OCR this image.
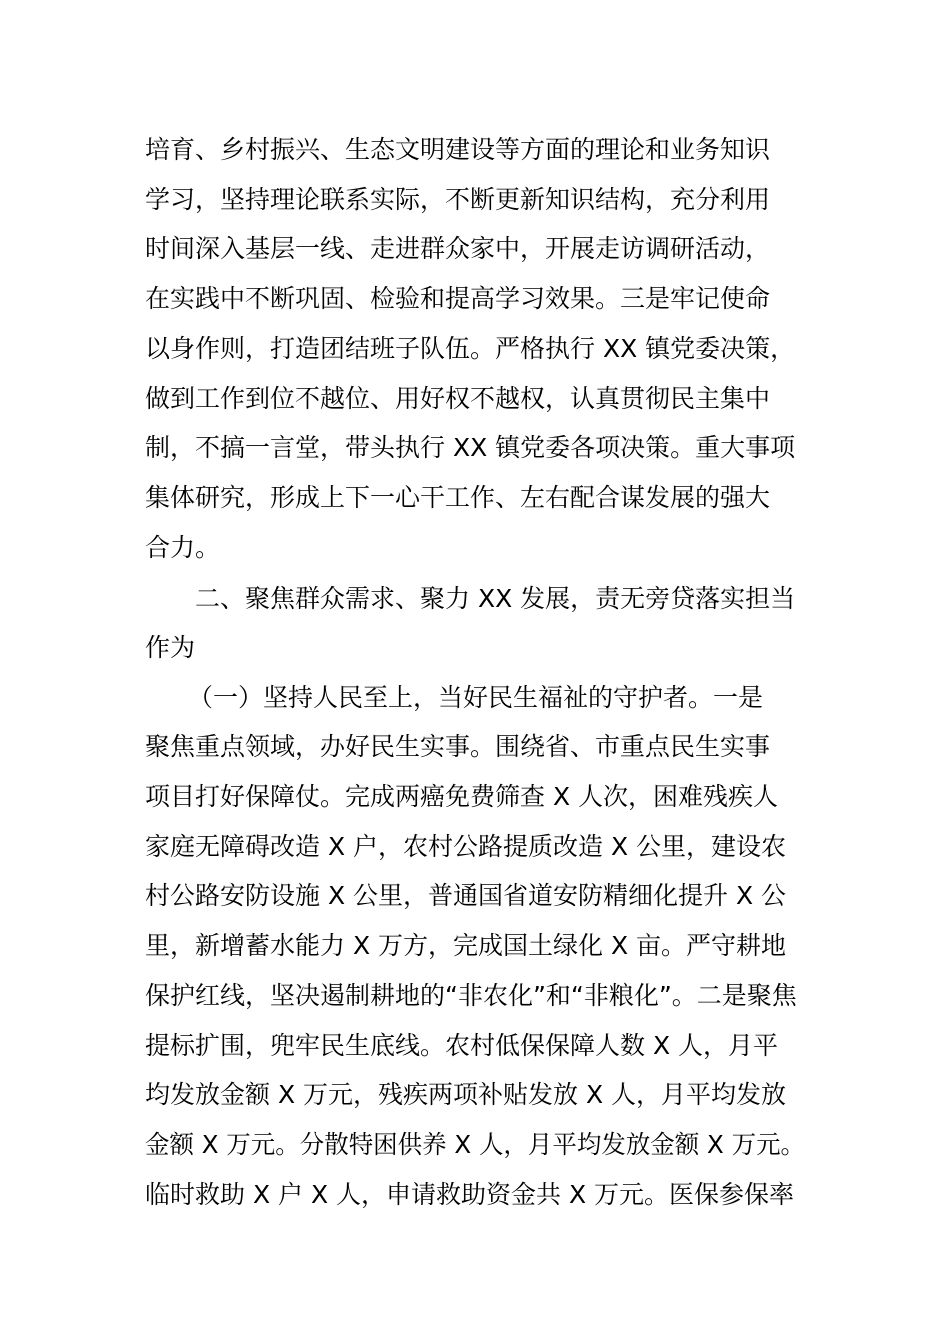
培育、乡村振兴、生态文明建设等方面的理论和业务知识
学习，坚持理论联系实际，不断更新知识结构，充分利用
时间深入基层一线、走进群众家中，开展走访调研活动，
在实践中不断巩固、检验和提高学习效果。三是牢记使命
以身作则，打造团结班子队伍。严格执行 XX 镇党委决策，
做到工作到位不越位、用好权不越权，认真贯彻民主集中
制，不搞一言堂，带头执行 XX 镇党委各项决策。重大事项
集体研究，形成上下一心干工作、左右配合谋发展的强大
合力。
二、聚焦群众需求、聚力 XX 发展，责无旁贷落实担当
作为
（一）坚持人民至上，当好民生福祉的守护者。一是
聚焦重点领域，办好民生实事。围绕省、市重点民生实事
项目打好保障仗。完成两癌免费筛查 X 人次，困难残疾人
家庭无障碍改造 X 户，农村公路提质改造 X 公里，建设农
村公路安防设施 X 公里，普通国省道安防精细化提升 X 公
里，新增蓄水能力 X 万方，完成国土绿化 X 亩。严守耕地
保护红线，坚决遏制耕地的“非农化”和“非粮化”。二是聚焦
提标扩围，兜牢民生底线。农村低保保障人数 X 人，月平
均发放金额 X 万元，残疾两项补贴发放 X 人，月平均发放
金额 X 万元。分散特困供养 X 人，月平均发放金额 X 万元。
临时救助 X 户 X 人，申请救助资金共 X 万元。医保参保率
